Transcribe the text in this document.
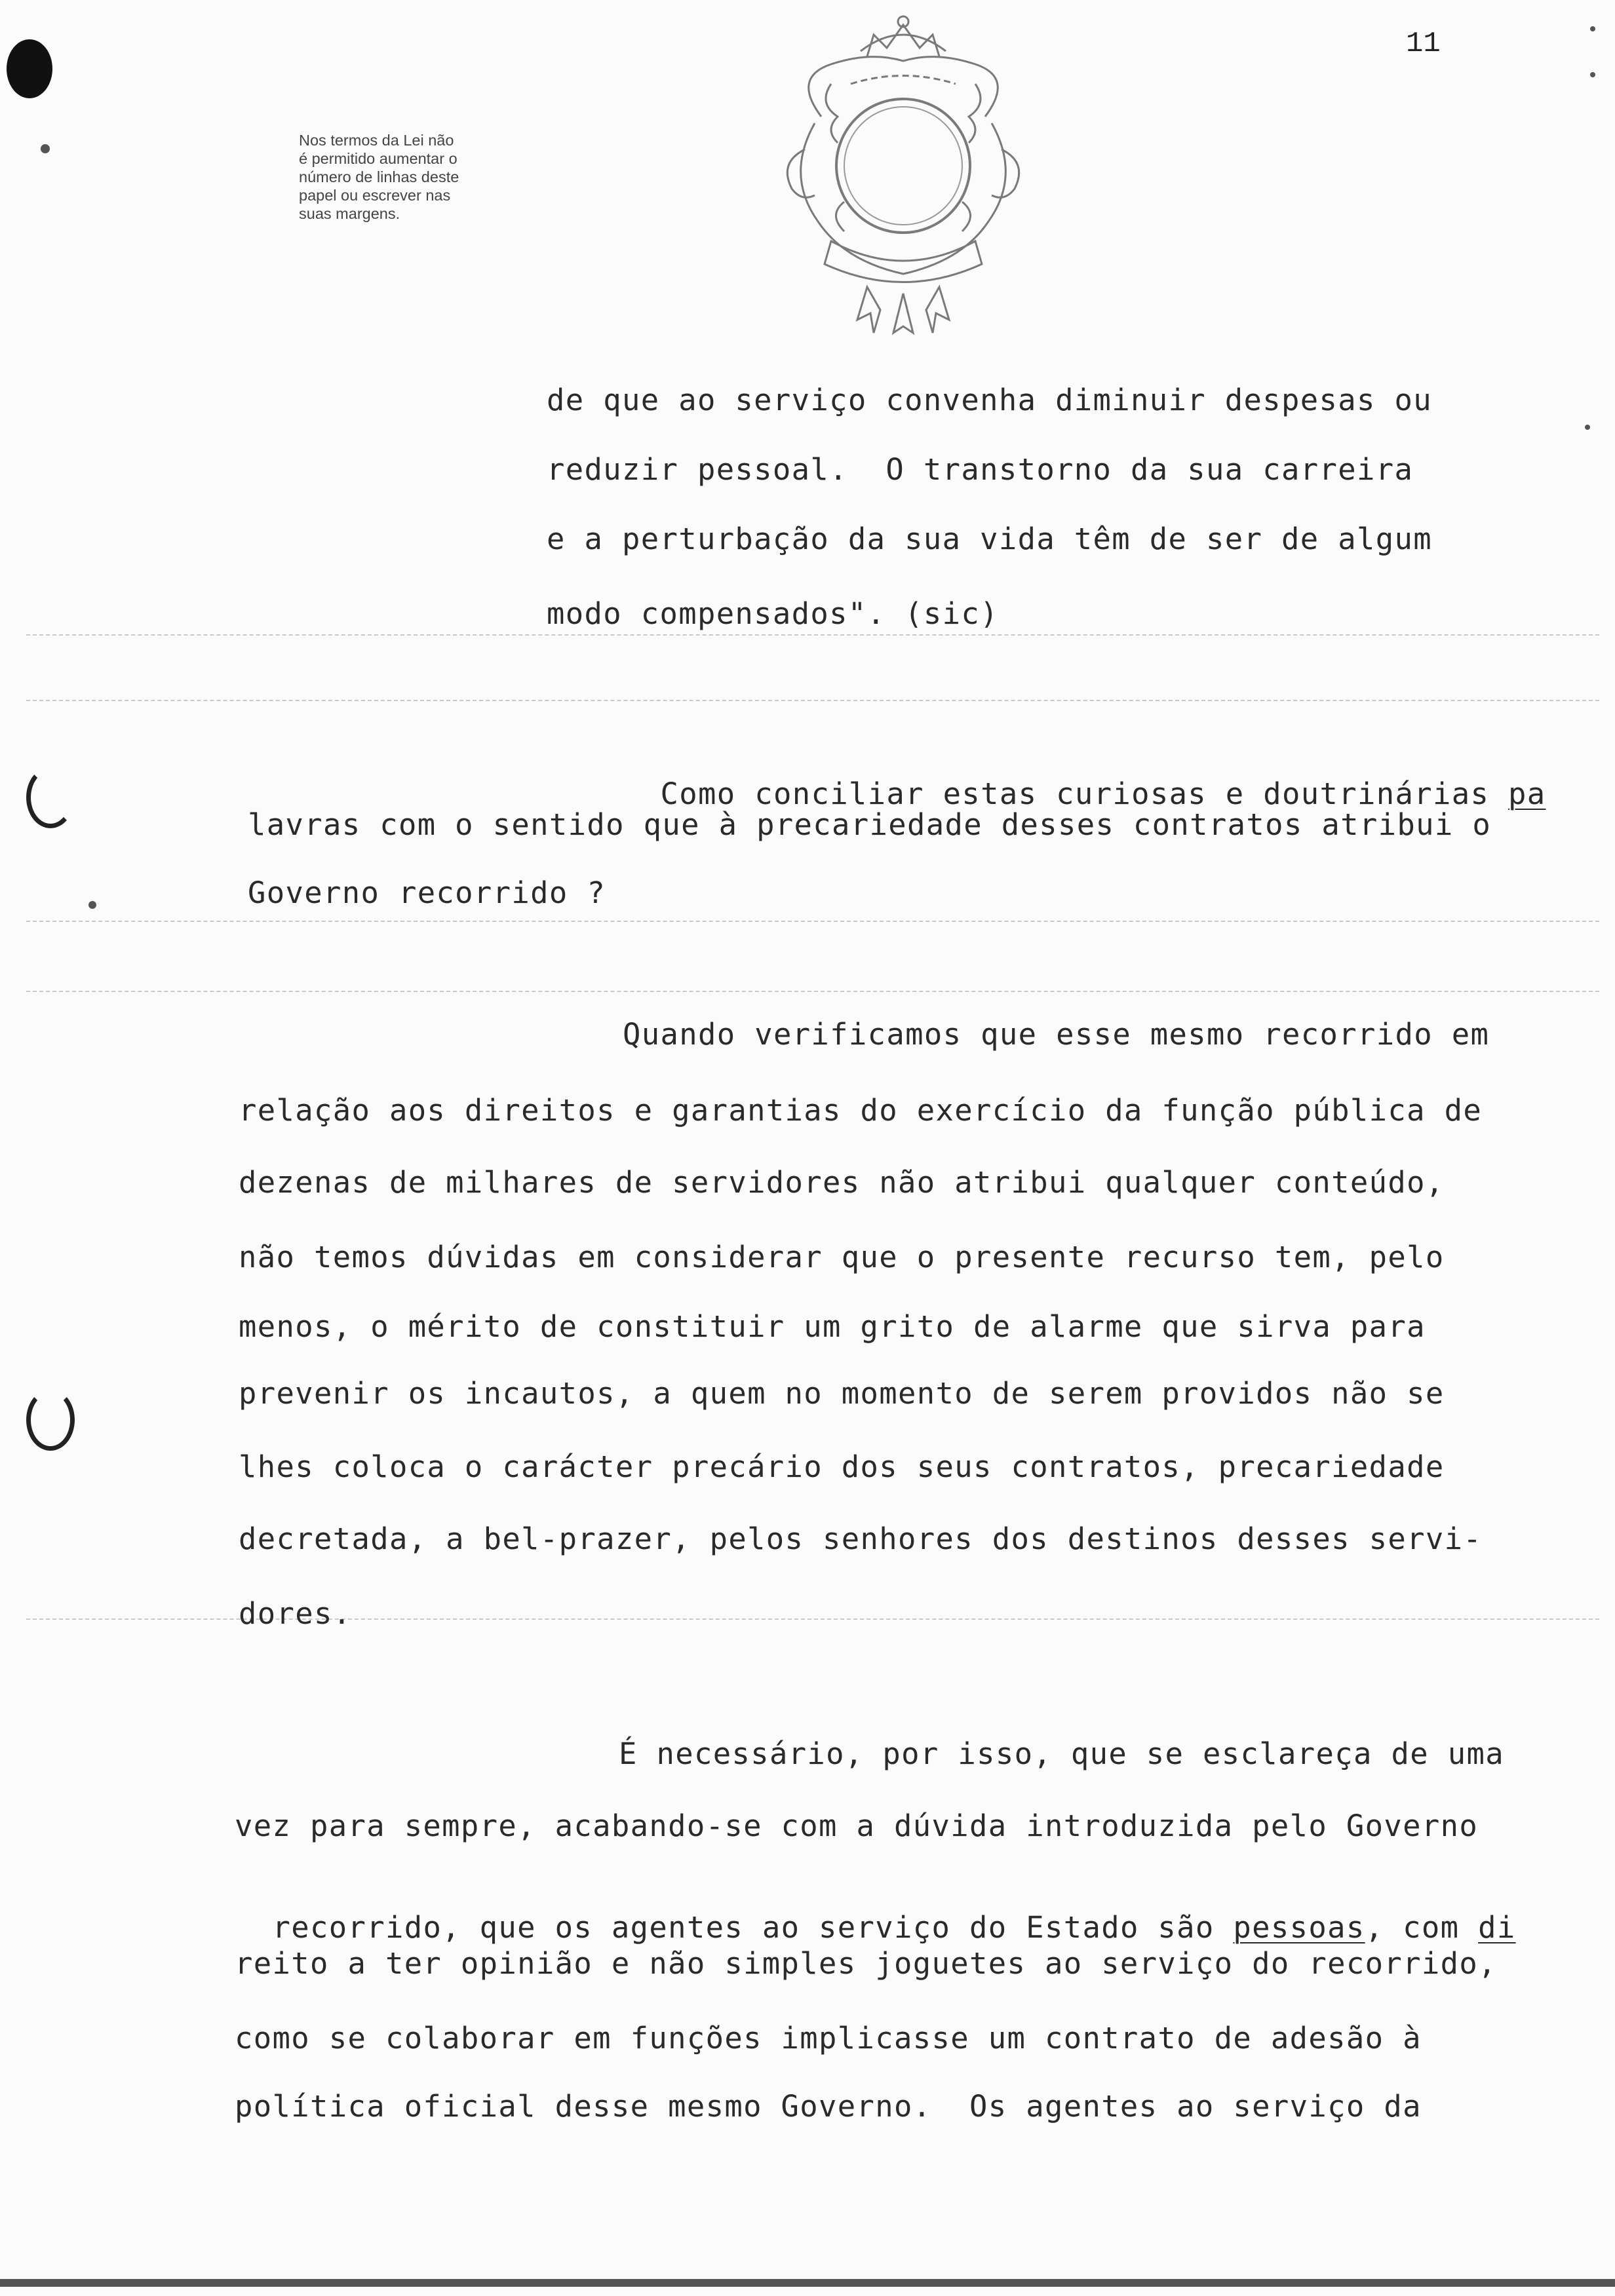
11
Nos termos da Lei não
é permitido aumentar o
número de linhas deste
papel ou escrever nas
suas margens.
de que ao serviço convenha diminuir despesas ou
reduzir pessoal.  O transtorno da sua carreira
e a perturbação da sua vida têm de ser de algum
modo compensados". (sic)

Como conciliar estas curiosas e doutrinárias pa

lavras com o sentido que à precariedade desses contratos atribui o
Governo recorrido ?
Quando verificamos que esse mesmo recorrido em
relação aos direitos e garantias do exercício da função pública de
dezenas de milhares de servidores não atribui qualquer conteúdo,
não temos dúvidas em considerar que o presente recurso tem, pelo
menos, o mérito de constituir um grito de alarme que sirva para
prevenir os incautos, a quem no momento de serem providos não se
lhes coloca o carácter precário dos seus contratos, precariedade
decretada, a bel-prazer, pelos senhores dos destinos desses servi-
dores.
É necessário, por isso, que se esclareça de uma
vez para sempre, acabando-se com a dúvida introduzida pelo Governo

recorrido, que os agentes ao serviço do Estado são pessoas, com di

reito a ter opinião e não simples joguetes ao serviço do recorrido,
como se colaborar em funções implicasse um contrato de adesão à
política oficial desse mesmo Governo.  Os agentes ao serviço da
